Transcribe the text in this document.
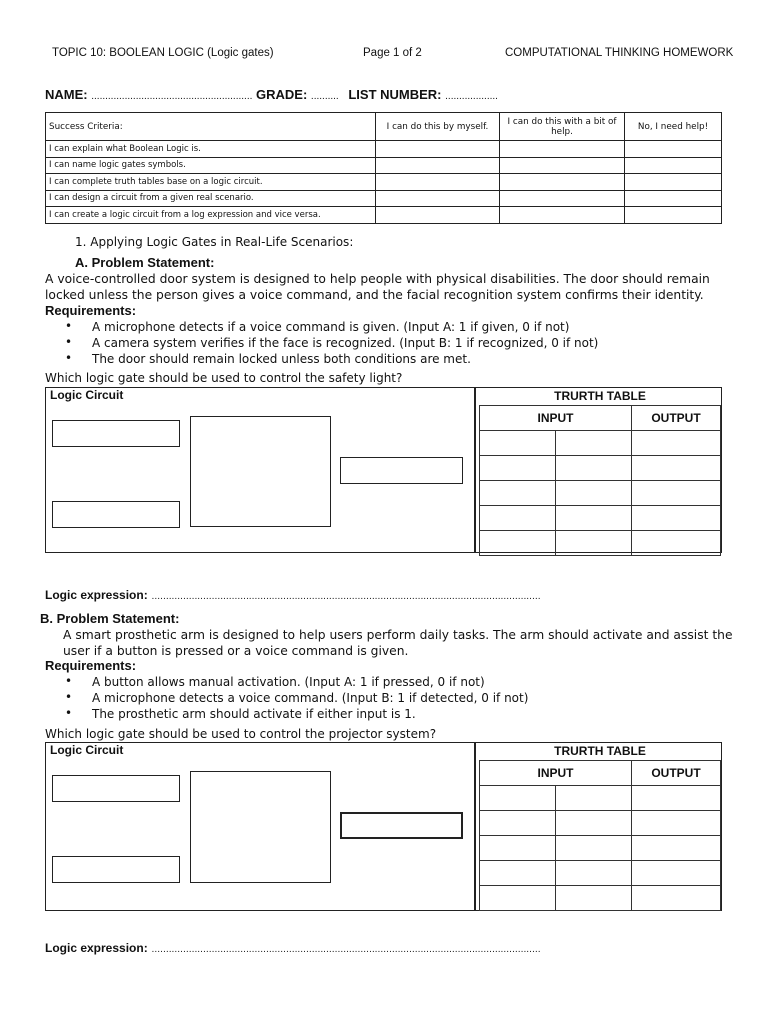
TOPIC 10: BOOLEAN LOGIC (Logic gates)	Page 1 of 2	COMPUTATIONAL THINKING HOMEWORK
NAME: .......................................................... GRADE: .......... LIST NUMBER: ...................
Success Criteria:	I can do this by myself.	I can do this with a bit of help.	No, I need help!
I can explain what Boolean Logic is.			
I can name logic gates symbols.			
I can complete truth tables base on a logic circuit.			
I can design a circuit from a given real scenario.			
I can create a logic circuit from a log expression and vice versa.			
1. Applying Logic Gates in Real-Life Scenarios:
A. Problem Statement:
A voice-controlled door system is designed to help people with physical disabilities. The door should remain
locked unless the person gives a voice command, and the facial recognition system confirms their identity.
Requirements:
• A microphone detects if a voice command is given. (Input A: 1 if given, 0 if not)
• A camera system verifies if the face is recognized. (Input B: 1 if recognized, 0 if not)
• The door should remain locked unless both conditions are met.
Which logic gate should be used to control the safety light?
Logic Circuit	TRURTH TABLE
INPUT		OUTPUT

Logic expression: ........................................................................................................................................
B. Problem Statement:
A smart prosthetic arm is designed to help users perform daily tasks. The arm should activate and assist the
user if a button is pressed or a voice command is given.
Requirements:
• A button allows manual activation. (Input A: 1 if pressed, 0 if not)
• A microphone detects a voice command. (Input B: 1 if detected, 0 if not)
• The prosthetic arm should activate if either input is 1.
Which logic gate should be used to control the projector system?
Logic Circuit	TRURTH TABLE
INPUT		OUTPUT

Logic expression: ........................................................................................................................................
